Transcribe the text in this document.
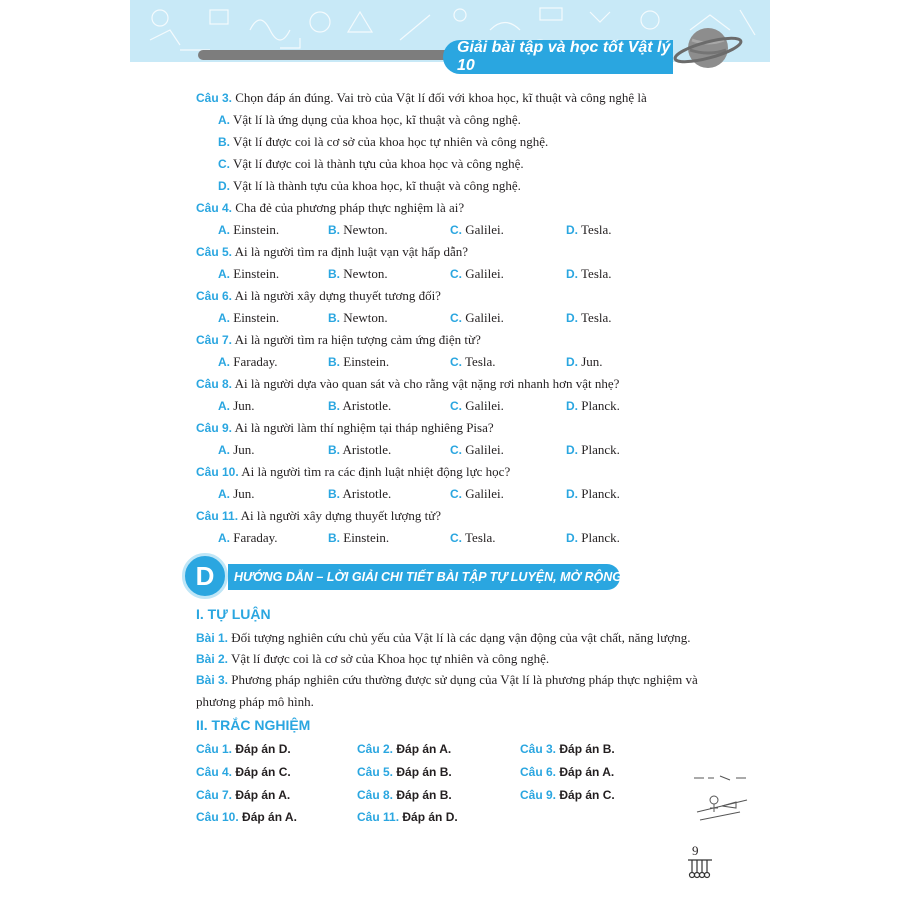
Giải bài tập và học tốt Vật lý 10
Câu 3. Chọn đáp án đúng. Vai trò của Vật lí đối với khoa học, kĩ thuật và công nghệ là
A. Vật lí là ứng dụng của khoa học, kĩ thuật và công nghệ.
B. Vật lí được coi là cơ sở của khoa học tự nhiên và công nghệ.
C. Vật lí được coi là thành tựu của khoa học và công nghệ.
D. Vật lí là thành tựu của khoa học, kĩ thuật và công nghệ.
Câu 4. Cha đẻ của phương pháp thực nghiệm là ai?
A. Einstein.	B. Newton.	C. Galilei.	D. Tesla.
Câu 5. Ai là người tìm ra định luật vạn vật hấp dẫn?
A. Einstein.	B. Newton.	C. Galilei.	D. Tesla.
Câu 6. Ai là người xây dựng thuyết tương đối?
A. Einstein.	B. Newton.	C. Galilei.	D. Tesla.
Câu 7. Ai là người tìm ra hiện tượng cảm ứng điện từ?
A. Faraday.	B. Einstein.	C. Tesla.	D. Jun.
Câu 8. Ai là người dựa vào quan sát và cho rằng vật nặng rơi nhanh hơn vật nhẹ?
A. Jun.	B. Aristotle.	C. Galilei.	D. Planck.
Câu 9. Ai là người làm thí nghiệm tại tháp nghiêng Pisa?
A. Jun.	B. Aristotle.	C. Galilei.	D. Planck.
Câu 10. Ai là người tìm ra các định luật nhiệt động lực học?
A. Jun.	B. Aristotle.	C. Galilei.	D. Planck.
Câu 11. Ai là người xây dựng thuyết lượng tử?
A. Faraday.	B. Einstein.	C. Tesla.	D. Planck.
D	HƯỚNG DẪN – LỜI GIẢI CHI TIẾT BÀI TẬP TỰ LUYỆN, MỞ RỘNG
I. TỰ LUẬN
Bài 1. Đối tượng nghiên cứu chủ yếu của Vật lí là các dạng vận động của vật chất, năng lượng.
Bài 2. Vật lí được coi là cơ sở của Khoa học tự nhiên và công nghệ.
Bài 3. Phương pháp nghiên cứu thường được sử dụng của Vật lí là phương pháp thực nghiệm và
phương pháp mô hình.
II. TRẮC NGHIỆM
Câu 1. Đáp án D.	Câu 2. Đáp án A.	Câu 3. Đáp án B.
Câu 4. Đáp án C.	Câu 5. Đáp án B.	Câu 6. Đáp án A.
Câu 7. Đáp án A.	Câu 8. Đáp án B.	Câu 9. Đáp án C.
Câu 10. Đáp án A.	Câu 11. Đáp án D.
9
